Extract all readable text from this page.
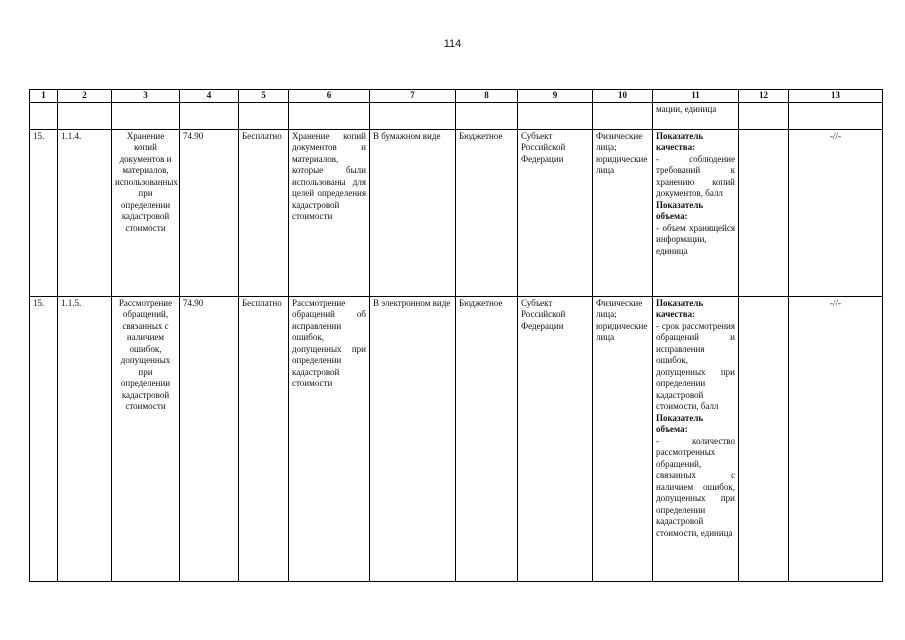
114
1	2	3	4	5	6	7	8	9	10	11	12	13
										мации, единица		
15.	1.1.4.	Хранение копий документов и материалов, использованных при определении кадастровой стоимости	74.90	Бесплатно	Хранение копий документов и материалов, которые были использованы для целей определения кадастровой стоимости	В бумажном виде	Бюджетное	Субъект Российской Федерации	Физические лица; юридические лица	Показатель качества:
- соблюдение требований к хранению копий документов, балл
Показатель объема:
- объем хранящейся информации, единица		-//-
15.	1.1.5.	Рассмотрение обращений, связанных с наличием ошибок, допущенных при определении кадастровой стоимости	74.90	Бесплатно	Рассмотрение обращений об исправлении ошибок, допущенных при определении кадастровой стоимости	В электронном виде	Бюджетное	Субъект Российской Федерации	Физические лица; юридические лица	Показатель качества:
- срок рассмотрения обращений и исправления ошибок, допущенных при определении кадастровой стоимости, балл
Показатель объема:
- количество рассмотренных обращений, связанных с наличием ошибок, допущенных при определении кадастровой стоимости, единица		-//-
